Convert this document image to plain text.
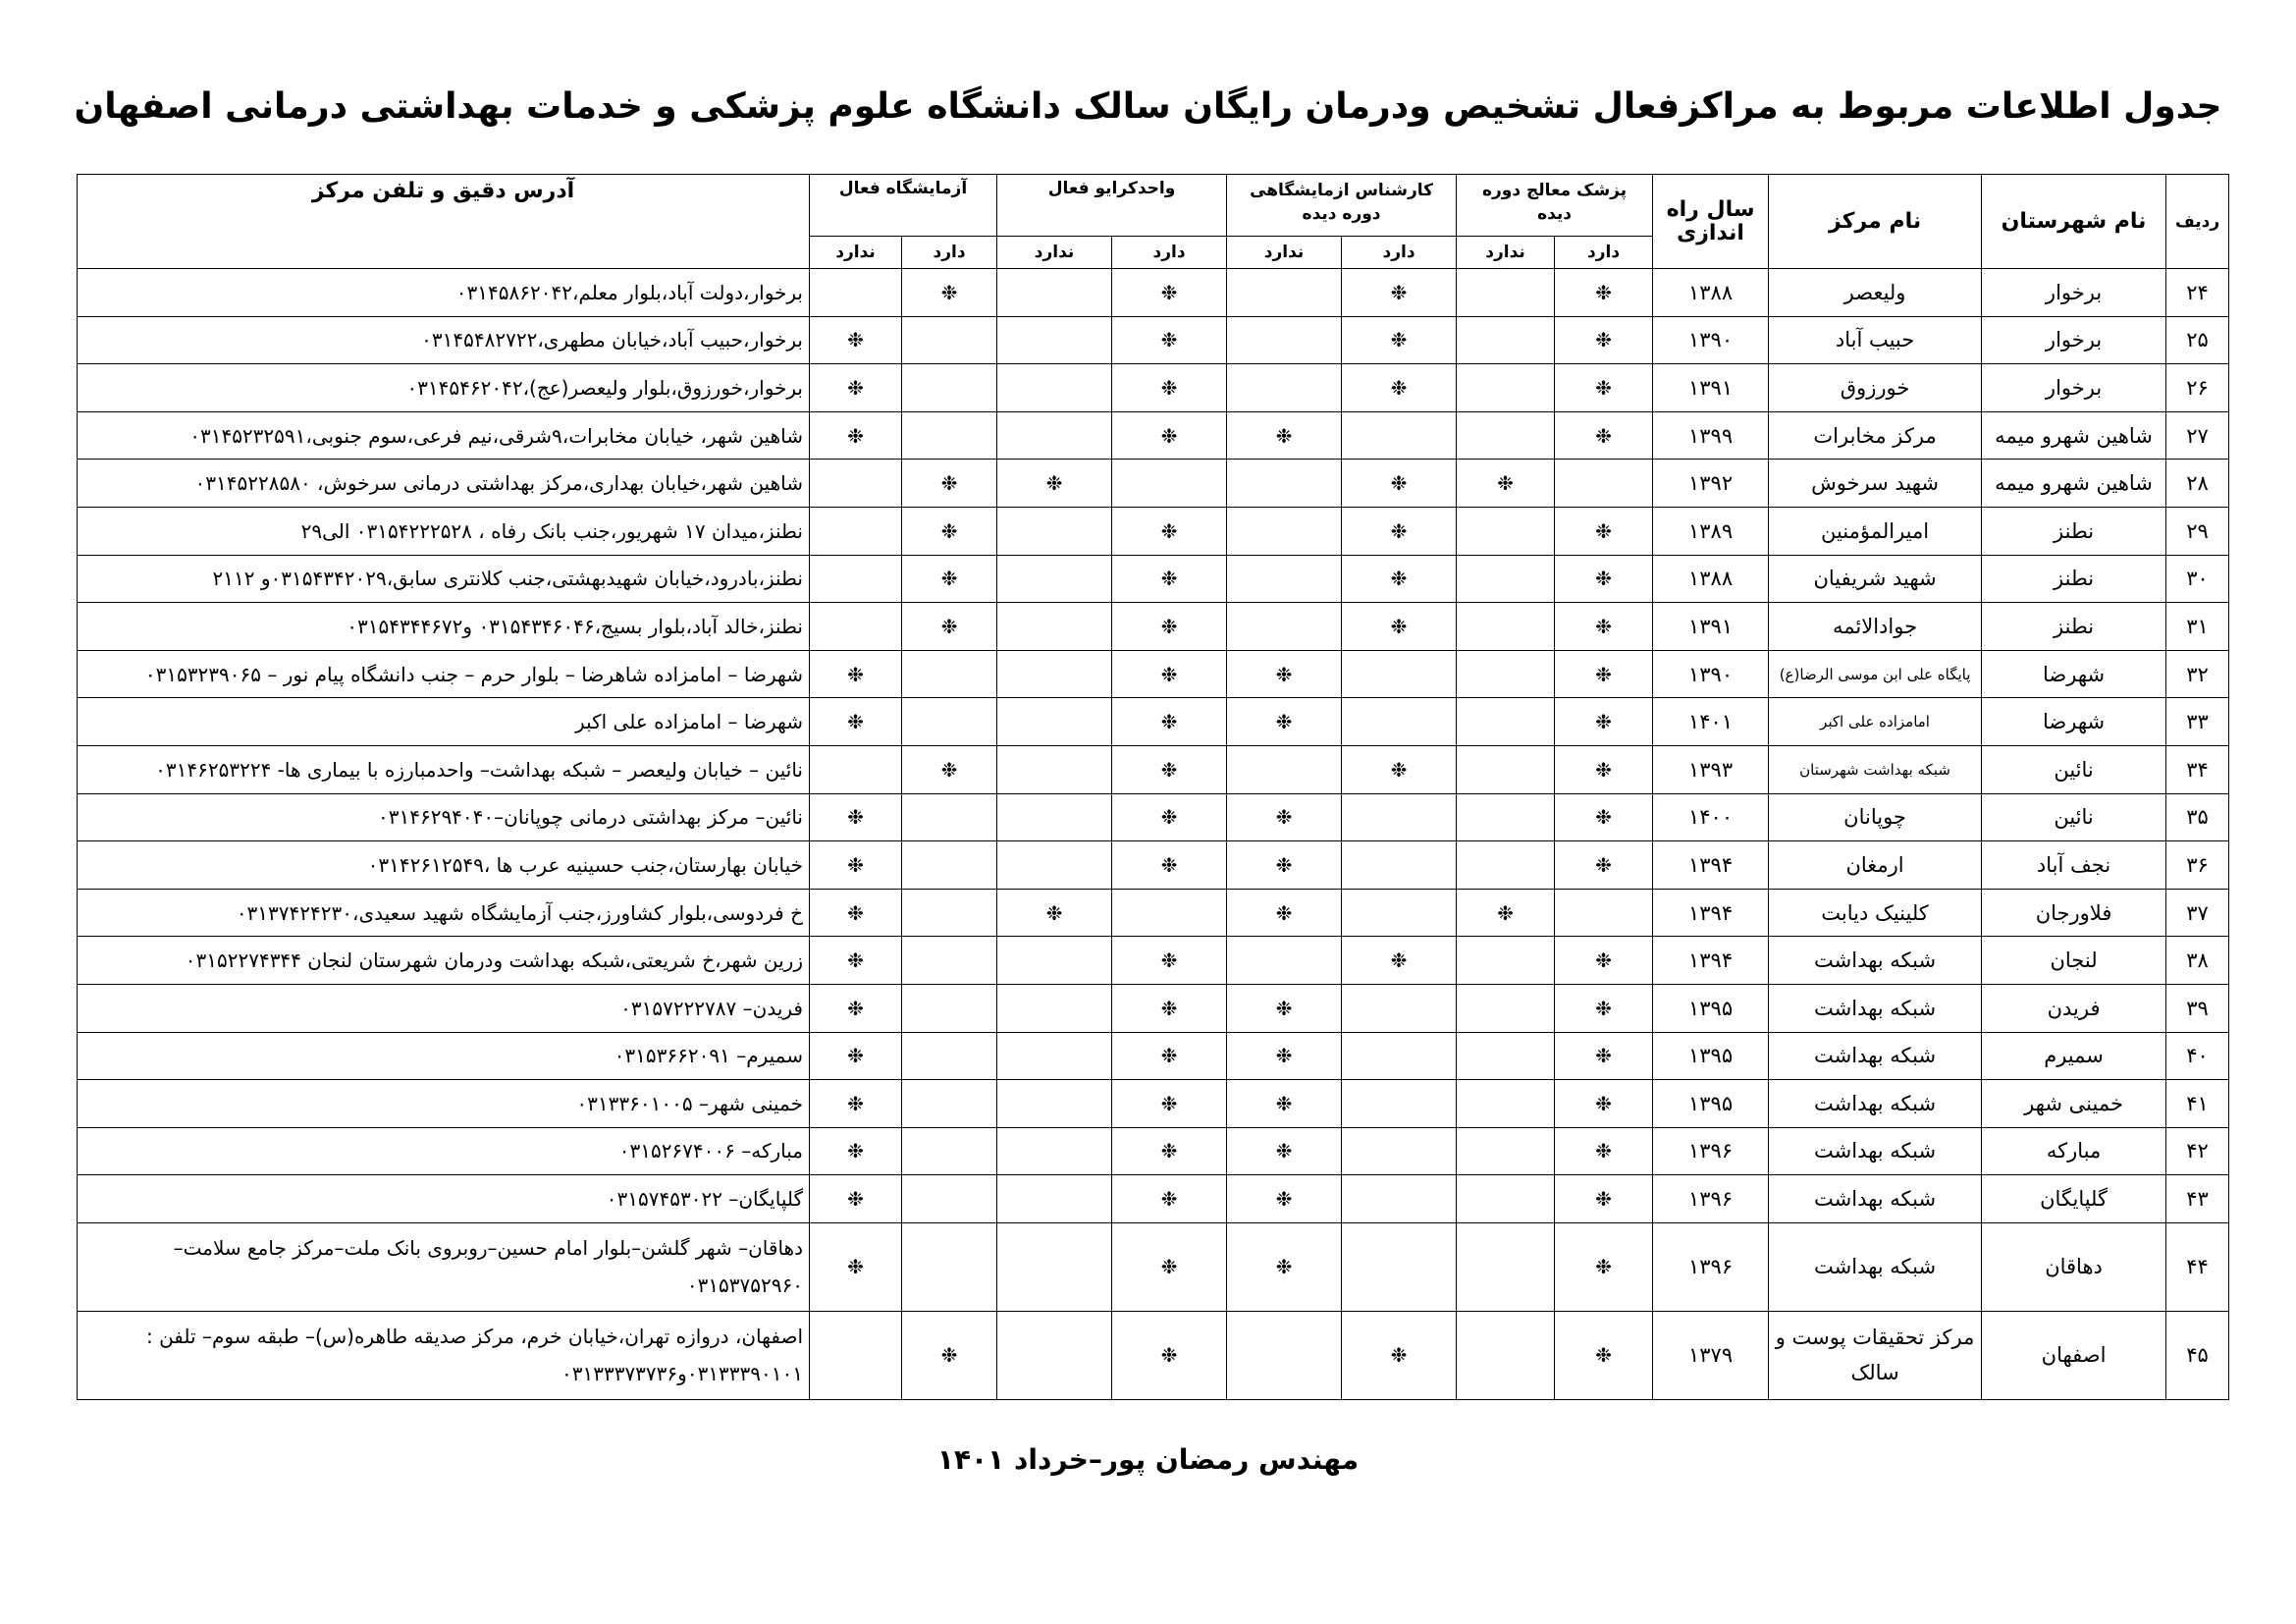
جدول اطلاعات مربوط به مراکزفعال تشخیص ودرمان رایگان سالک دانشگاه علوم پزشکی و خدمات بهداشتی درمانی اصفهان
ردیف	نام شهرستان	نام مرکز	سال راه اندازی	پزشک معالج دوره دیده		کارشناس ازمایشگاهی دوره دیده		واحدکرایو فعال		آزمایشگاه فعال		آدرس دقیق و تلفن مرکز
				دارد	ندارد	دارد	ندارد	دارد	ندارد	دارد	ندارد	
۲۴	برخوار	ولیعصر	۱۳۸۸	❉		❉		❉		❉		برخوار،دولت آباد،بلوار معلم،۰۳۱۴۵۸۶۲۰۴۲
۲۵	برخوار	حبیب آباد	۱۳۹۰	❉		❉		❉			❉	برخوار،حبیب آباد،خیابان مطهری،۰۳۱۴۵۴۸۲۷۲۲
۲۶	برخوار	خورزوق	۱۳۹۱	❉		❉		❉			❉	برخوار،خورزوق،بلوار ولیعصر(عج)،۰۳۱۴۵۴۶۲۰۴۲
۲۷	شاهین شهرو میمه	مرکز مخابرات	۱۳۹۹	❉			❉	❉			❉	شاهین شهر، خیابان مخابرات،۹شرقی،نیم فرعی،سوم جنوبی،۰۳۱۴۵۲۳۲۵۹۱
۲۸	شاهین شهرو میمه	شهید سرخوش	۱۳۹۲		❉	❉			❉	❉		شاهین شهر،خیابان بهداری،مرکز بهداشتی درمانی سرخوش، ۰۳۱۴۵۲۲۸۵۸۰
۲۹	نطنز	امیرالمؤمنین	۱۳۸۹	❉		❉		❉		❉		نطنز،میدان ۱۷ شهریور،جنب بانک رفاه ، ۰۳۱۵۴۲۲۲۵۲۸ الی۲۹
۳۰	نطنز	شهید شریفیان	۱۳۸۸	❉		❉		❉		❉		نطنز،بادرود،خیابان شهیدبهشتی،جنب کلانتری سابق،۰۳۱۵۴۳۴۲۰۲۹و ۲۱۱۲
۳۱	نطنز	جوادالائمه	۱۳۹۱	❉		❉		❉		❉		نطنز،خالد آباد،بلوار بسیج،۰۳۱۵۴۳۴۶۰۴۶ و۰۳۱۵۴۳۴۴۶۷۲
۳۲	شهرضا	پایگاه علی ابن موسی الرضا(ع)	۱۳۹۰	❉			❉	❉			❉	شهرضا – امامزاده شاهرضا – بلوار حرم – جنب دانشگاه پیام نور – ۰۳۱۵۳۲۳۹۰۶۵
۳۳	شهرضا	امامزاده علی اکبر	۱۴۰۱	❉			❉	❉			❉	شهرضا – امامزاده علی اکبر
۳۴	نائین	شبکه بهداشت شهرستان	۱۳۹۳	❉		❉		❉		❉		نائین – خیابان ولیعصر – شبکه بهداشت– واحدمبارزه با بیماری ها- ۰۳۱۴۶۲۵۳۲۲۴
۳۵	نائین	چوپانان	۱۴۰۰	❉			❉	❉			❉	نائین– مرکز بهداشتی درمانی چوپانان–۰۳۱۴۶۲۹۴۰۴۰
۳۶	نجف آباد	ارمغان	۱۳۹۴	❉			❉	❉			❉	خیابان بهارستان،جنب حسینیه عرب ها ،۰۳۱۴۲۶۱۲۵۴۹
۳۷	فلاورجان	کلینیک دیابت	۱۳۹۴		❉		❉		❉		❉	خ فردوسی،بلوار کشاورز،جنب آزمایشگاه شهید سعیدی،۰۳۱۳۷۴۲۴۲۳۰
۳۸	لنجان	شبکه بهداشت	۱۳۹۴	❉		❉		❉			❉	زرین شهر،خ شریعتی،شبکه بهداشت ودرمان شهرستان لنجان ۰۳۱۵۲۲۷۴۳۴۴
۳۹	فریدن	شبکه بهداشت	۱۳۹۵	❉			❉	❉			❉	فریدن– ۰۳۱۵۷۲۲۲۷۸۷
۴۰	سمیرم	شبکه بهداشت	۱۳۹۵	❉			❉	❉			❉	سمیرم– ۰۳۱۵۳۶۶۲۰۹۱
۴۱	خمینی شهر	شبکه بهداشت	۱۳۹۵	❉			❉	❉			❉	خمینی شهر– ۰۳۱۳۳۶۰۱۰۰۵
۴۲	مبارکه	شبکه بهداشت	۱۳۹۶	❉			❉	❉			❉	مبارکه– ۰۳۱۵۲۶۷۴۰۰۶
۴۳	گلپایگان	شبکه بهداشت	۱۳۹۶	❉			❉	❉			❉	گلپایگان– ۰۳۱۵۷۴۵۳۰۲۲
۴۴	دهاقان	شبکه بهداشت	۱۳۹۶	❉			❉	❉			❉	دهاقان– شهر گلشن–بلوار امام حسین–روبروی بانک ملت–مرکز جامع سلامت– ۰۳۱۵۳۷۵۲۹۶۰
۴۵	اصفهان	مرکز تحقیقات پوست و سالک	۱۳۷۹	❉		❉		❉		❉		اصفهان، دروازه تهران،خیابان خرم، مرکز صدیقه طاهره(س)– طبقه سوم– تلفن : ۰۳۱۳۳۳۹۰۱۰۱و۰۳۱۳۳۳۷۳۷۳۶
مهندس رمضان پور–خرداد ۱۴۰۱
